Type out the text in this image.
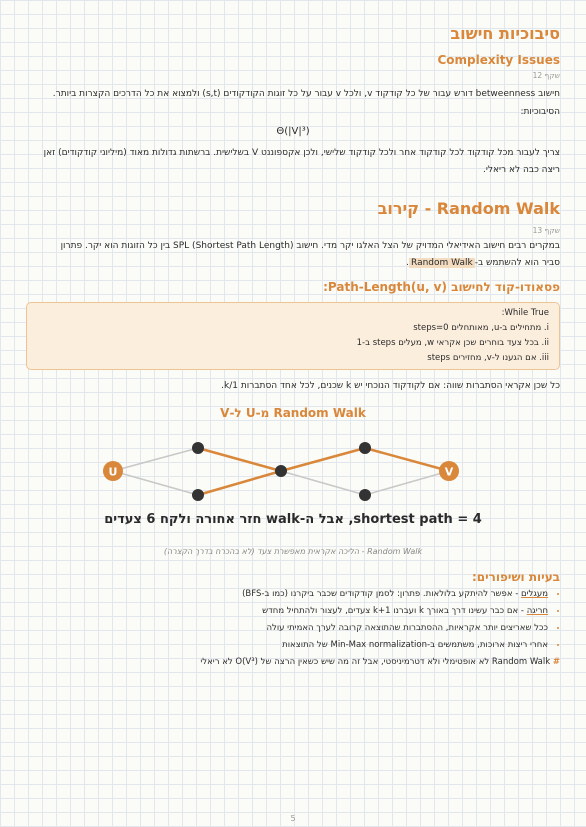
סיבוכיות חישוב
Complexity Issues
שקף 12
חישוב betweenness דורש עבור של כל קודקוד v, ולכל v עבור על כל זוגות הקודקודים (s,t) ולמצוא את כל הדרכים הקצרות ביותר.
הסיבוכיות:
Θ(|V|³)
צריך לעבור מכל קודקוד לכל קודקוד אחר ולכל קודקוד שלישי, ולכן אקספוננט V בשלישית. ברשתות גדולות מאוד (מיליוני קודקודים) זאן
ריצה כבה לא ריאלי.
Random Walk - קירוב
שקף 13
במקרים רבים חישוב האידיאלי המדויק של הצל האלגו יקר מדי. חישוב SPL (Shortest Path Length) בין כל הזוגות הוא יקר. פתרון
סביר הוא להשתמש ב-Random Walk.
פסאודו-קוד לחישוב Path-Length(u, v):
While True:
i. מתחילים ב-u, מאותחלים steps=0
ii. בכל צעד בוחרים שכן אקראי w, מעלים steps ב-1
iii. אם הגענו ל-v, מחזירים steps
כל שכן אקראי הסתברות שווה: אם לקודקוד הנוכחי יש k שכנים, לכל אחד הסתברות 1/k.
Random Walk מ-U ל-V
U	V
shortest path = 4, אבל ה-walk חזר אחורה ולקח 6 צעדים
Random Walk - הליכה אקראית מאפשרת צעד (לא בהכרח בדרך הקצרה)
בעיות ושיפורים:
• מעגלים - אפשר להיתקע בלולאות. פתרון: לסמן קודקודים שכבר ביקרנו (כמו ב-BFS)
• חריגה - אם כבר עשינו דרך באורך k ועברנו k+1 צעדים, לעצור ולהתחיל מחדש
• ככל שאריצים יותר אקראיות, ההסתברות שהתוצאה קרובה לערך האמיתי עולה
• אחרי ריצות ארוכות, משתמשים ב-Min-Max normalization של התוצאות
# Random Walk לא אופטימלי ולא דטרמיניסטי, אבל זה מה שיש כשאין הרצה של O(V³) לא ריאלי
5
